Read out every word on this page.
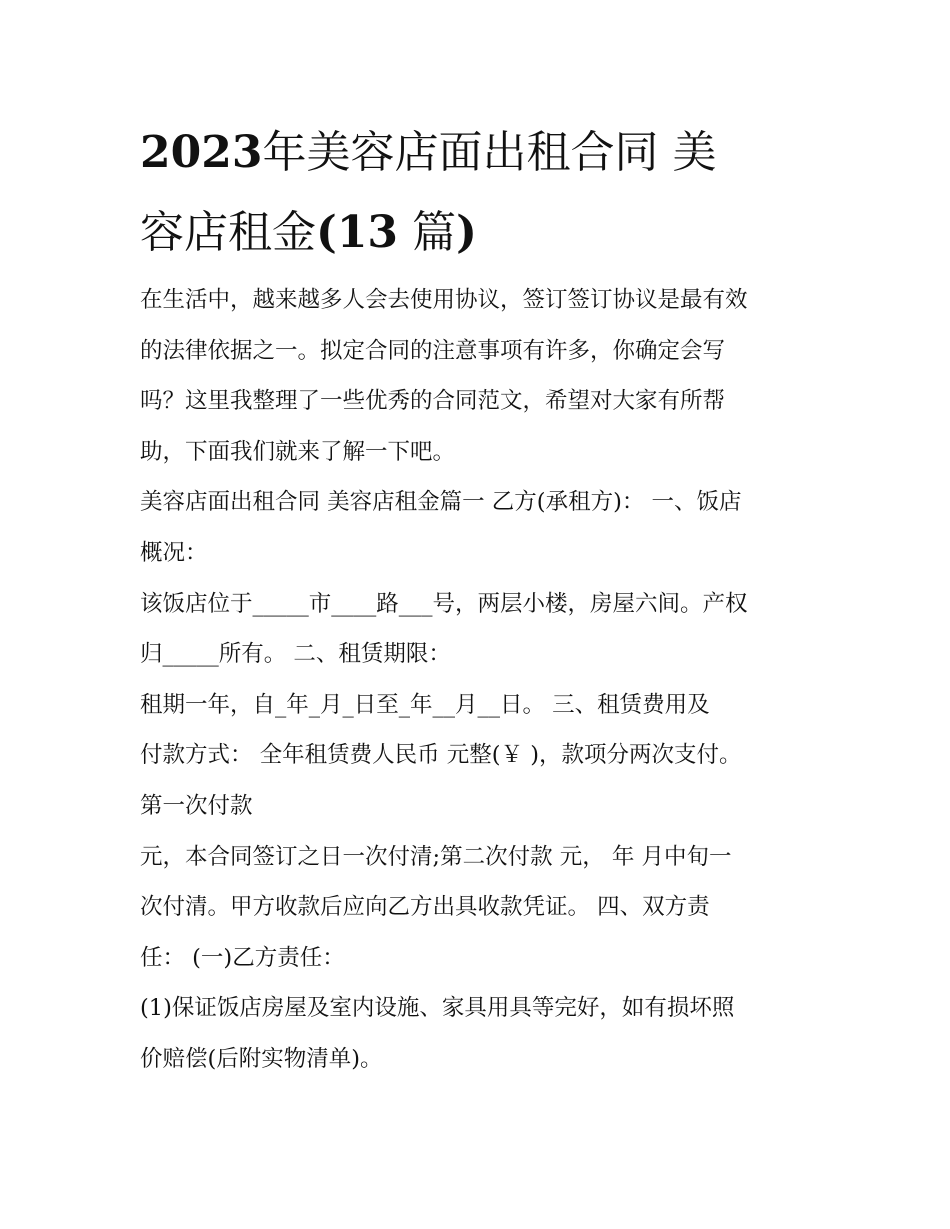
2023年美容店面出租合同 美
容店租金(13 篇)
在生活中，越来越多人会去使用协议，签订签订协议是最有效
的法律依据之一。拟定合同的注意事项有许多，你确定会写
吗？这里我整理了一些优秀的合同范文，希望对大家有所帮
助，下面我们就来了解一下吧。
美容店面出租合同 美容店租金篇一 乙方(承租方)： 一、饭店
概况：
该饭店位于_____市____路___号，两层小楼，房屋六间。产权
归_____所有。 二、租赁期限：
租期一年，自_年_月_日至_年__月__日。 三、租赁费用及
付款方式： 全年租赁费人民币 元整(￥ )，款项分两次支付。
第一次付款
元，本合同签订之日一次付清;第二次付款 元， 年 月中旬一
次付清。甲方收款后应向乙方出具收款凭证。 四、双方责
任： (一)乙方责任：
(1)保证饭店房屋及室内设施、家具用具等完好，如有损坏照
价赔偿(后附实物清单)。
